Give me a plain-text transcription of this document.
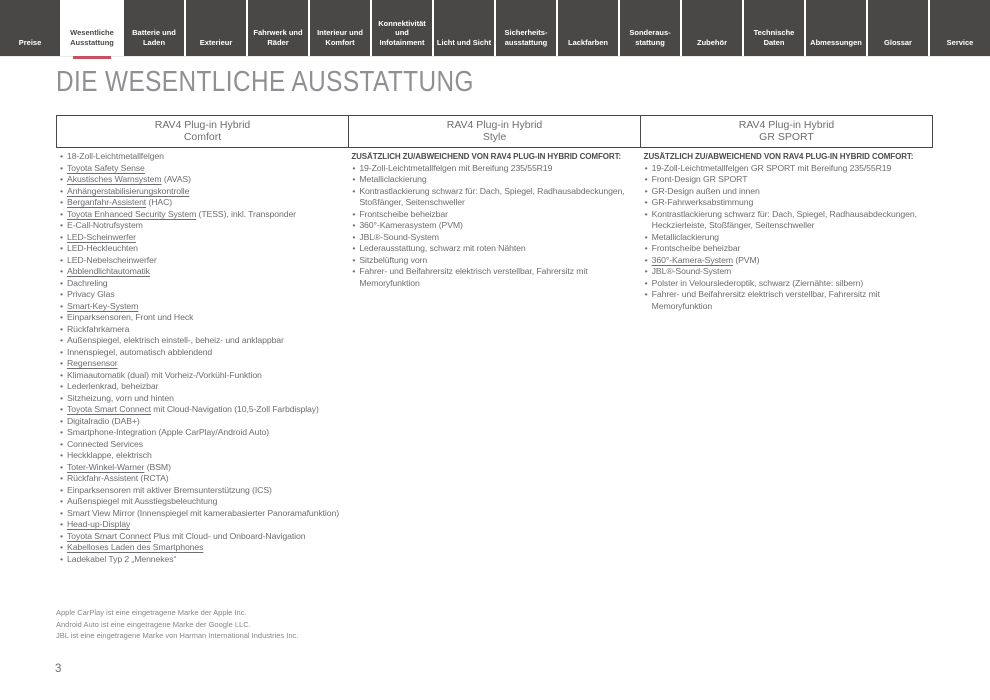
Preise
Wesentliche Ausstattung
Batterie und Laden	Exterieur
Fahrwerk und Räder
Interieur und Komfort
Konnektivität und Infotainment	Licht und Sicht
Sicherheits-ausstattung	Lackfarben
Sonderaus-stattung	Zubehör
Technische Daten	Abmessungen	Glossar	Service
DIE WESENTLICHE AUSSTATTUNG
RAV4 Plug-in Hybrid
Comfort
RAV4 Plug-in Hybrid
Style
RAV4 Plug-in Hybrid
GR SPORT
• 18-Zoll-Leichtmetallfelgen
• Toyota Safety Sense
• Akustisches Warnsystem (AVAS)
• Anhängerstabilisierungskontrolle
• Berganfahr-Assistent (HAC)
• Toyota Enhanced Security System (TESS), inkl. Transponder
• E-Call-Notrufsystem
• LED-Scheinwerfer
• LED-Heckleuchten
• LED-Nebelscheinwerfer
• Abblendlichtautomatik
• Dachreling
• Privacy Glas
• Smart-Key-System
• Einparksensoren, Front und Heck
• Rückfahrkamera
• Außenspiegel, elektrisch einstell-, beheiz- und anklappbar
• Innenspiegel, automatisch abblendend
• Regensensor
• Klimaautomatik (dual) mit Vorheiz-/Vorkühl-Funktion
• Lederlenkrad, beheizbar
• Sitzheizung, vorn und hinten
• Toyota Smart Connect mit Cloud-Navigation (10,5-Zoll Farbdisplay)
• Digitalradio (DAB+)
• Smartphone-Integration (Apple CarPlay/Android Auto)
• Connected Services
• Heckklappe, elektrisch
• Toter-Winkel-Warner (BSM)
• Rückfahr-Assistent (RCTA)
• Einparksensoren mit aktiver Bremsunterstützung (ICS)
• Außenspiegel mit Ausstiegsbeleuchtung
• Smart View Mirror (Innenspiegel mit kamerabasierter Panoramafunktion)
• Head-up-Display
• Toyota Smart Connect Plus mit Cloud- und Onboard-Navigation
• Kabelloses Laden des Smartphones
• Ladekabel Typ 2 „Mennekes“
ZUSÄTZLICH ZU/ABWEICHEND VON RAV4 PLUG-IN HYBRID COMFORT:
• 19-Zoll-Leichtmetallfelgen mit Bereifung 235/55R19
• Metalliclackierung
• Kontrastlackierung schwarz für: Dach, Spiegel, Radhausabdeckungen, Stoßfänger, Seitenschweller
• Frontscheibe beheizbar
• 360°-Kamerasystem (PVM)
• JBL®-Sound-System
• Lederausstattung, schwarz mit roten Nähten
• Sitzbelüftung vorn
• Fahrer- und Beifahrersitz elektrisch verstellbar, Fahrersitz mit Memoryfunktion
ZUSÄTZLICH ZU/ABWEICHEND VON RAV4 PLUG-IN HYBRID COMFORT:
• 19-Zoll-Leichtmetallfelgen GR SPORT mit Bereifung 235/55R19
• Front-Design GR SPORT
• GR-Design außen und innen
• GR-Fahrwerksabstimmung
• Kontrastlackierung schwarz für: Dach, Spiegel, Radhausabdeckungen, Heckzierleiste, Stoßfänger, Seitenschweller
• Metalliclackierung
• Frontscheibe beheizbar
• 360°-Kamera-System (PVM)
• JBL®-Sound-System
• Polster in Velourslederoptik, schwarz (Ziernähte: silbern)
• Fahrer- und Beifahrersitz elektrisch verstellbar, Fahrersitz mit Memoryfunktion
Apple CarPlay ist eine eingetragene Marke der Apple Inc.
Android Auto ist eine eingetragene Marke der Google LLC.
JBL ist eine eingetragene Marke von Harman International Industries Inc.
3
